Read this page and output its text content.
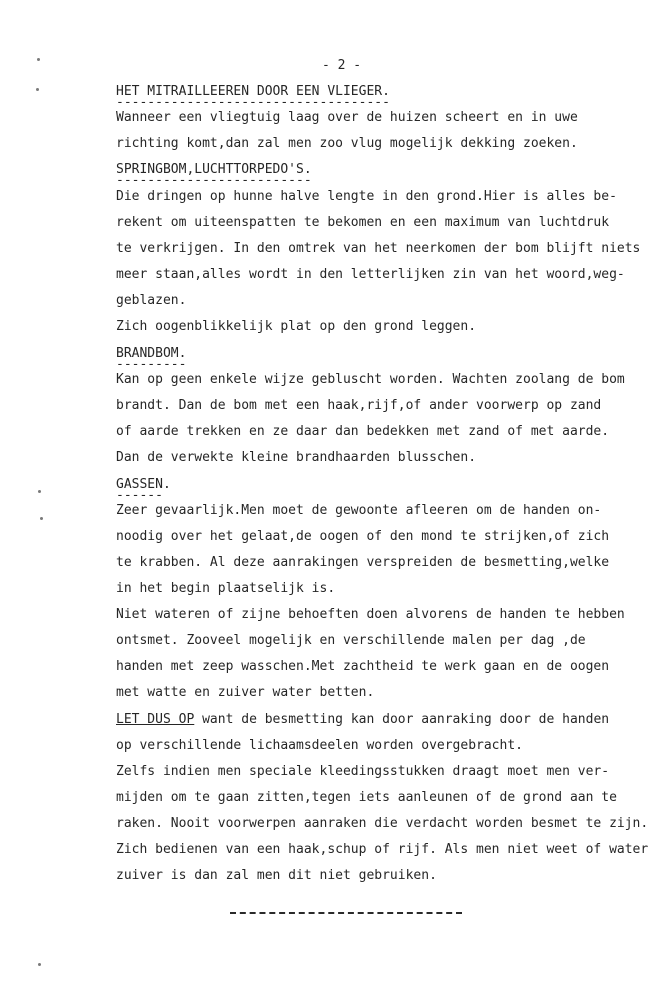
- 2 -
HET MITRAILLEEREN DOOR EEN VLIEGER.
-----------------------------------
Wanneer een vliegtuig laag over de huizen scheert en in uwe
richting komt,dan zal men zoo vlug mogelijk dekking zoeken.
SPRINGBOM,LUCHTTORPEDO'S.
-------------------------
Die dringen op hunne halve lengte in den grond.Hier is alles be-
rekent om uiteenspatten te bekomen en een maximum van luchtdruk
te verkrijgen. In den omtrek van het neerkomen der bom blijft niets
meer staan,alles wordt in den letterlijken zin van het woord,weg-
geblazen.
Zich oogenblikkelijk plat op den grond leggen.
BRANDBOM.
---------
Kan op geen enkele wijze gebluscht worden. Wachten zoolang de bom
brandt. Dan de bom met een haak,rijf,of ander voorwerp op zand
of aarde trekken en ze daar dan bedekken met zand of met aarde.
Dan de verwekte kleine brandhaarden blusschen.
GASSEN.
------
Zeer gevaarlijk.Men moet de gewoonte afleeren om de handen on-
noodig over het gelaat,de oogen of den mond te strijken,of zich
te krabben. Al deze aanrakingen verspreiden de besmetting,welke
in het begin plaatselijk is.
Niet wateren of zijne behoeften doen alvorens de handen te hebben
ontsmet. Zooveel mogelijk en verschillende malen per dag ,de
handen met zeep wasschen.Met zachtheid te werk gaan en de oogen
met watte en zuiver water betten.
LET DUS OP want de besmetting kan door aanraking door de handen
op verschillende lichaamsdeelen worden overgebracht.
Zelfs indien men speciale kleedingsstukken draagt moet men ver-
mijden om te gaan zitten,tegen iets aanleunen of de grond aan te
raken. Nooit voorwerpen aanraken die verdacht worden besmet te zijn.
Zich bedienen van een haak,schup of rijf. Als men niet weet of water
zuiver is dan zal men dit niet gebruiken.
